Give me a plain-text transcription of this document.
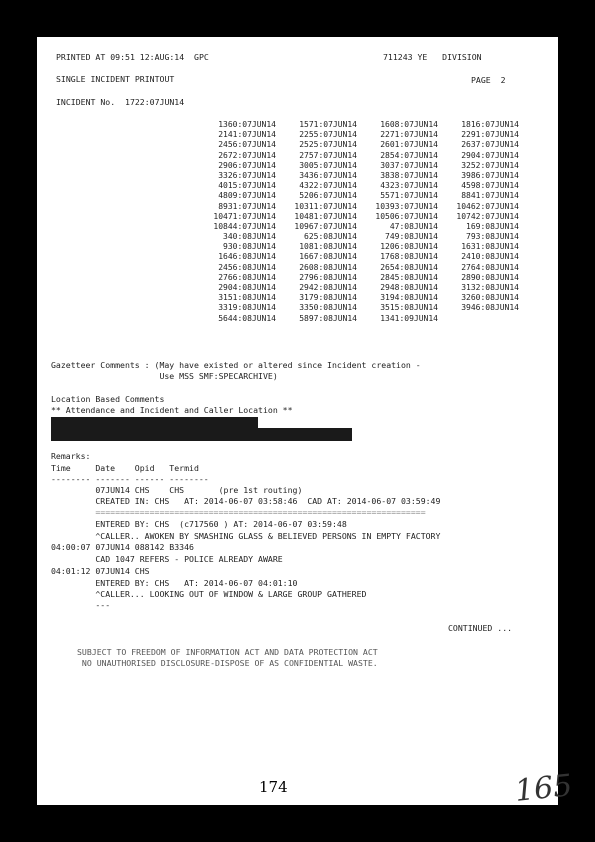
PRINTED AT 09:51 12:AUG:14  GPC	711243 YE   DIVISION
SINGLE INCIDENT PRINTOUT	PAGE  2
INCIDENT No.  1722:07JUN14
1360:07JUN14	1571:07JUN14	1608:07JUN14	1816:07JUN14
2141:07JUN14	2255:07JUN14	2271:07JUN14	2291:07JUN14
2456:07JUN14	2525:07JUN14	2601:07JUN14	2637:07JUN14
2672:07JUN14	2757:07JUN14	2854:07JUN14	2904:07JUN14
2906:07JUN14	3005:07JUN14	3037:07JUN14	3252:07JUN14
3326:07JUN14	3436:07JUN14	3838:07JUN14	3986:07JUN14
4015:07JUN14	4322:07JUN14	4323:07JUN14	4598:07JUN14
4809:07JUN14	5206:07JUN14	5571:07JUN14	8841:07JUN14
8931:07JUN14	10311:07JUN14	10393:07JUN14	10462:07JUN14
10471:07JUN14	10481:07JUN14	10506:07JUN14	10742:07JUN14
10844:07JUN14	10967:07JUN14	47:08JUN14	169:08JUN14
340:08JUN14	625:08JUN14	749:08JUN14	793:08JUN14
930:08JUN14	1081:08JUN14	1206:08JUN14	1631:08JUN14
1646:08JUN14	1667:08JUN14	1768:08JUN14	2410:08JUN14
2456:08JUN14	2608:08JUN14	2654:08JUN14	2764:08JUN14
2766:08JUN14	2796:08JUN14	2845:08JUN14	2890:08JUN14
2904:08JUN14	2942:08JUN14	2948:08JUN14	3132:08JUN14
3151:08JUN14	3179:08JUN14	3194:08JUN14	3260:08JUN14
3319:08JUN14	3350:08JUN14	3515:08JUN14	3946:08JUN14
5644:08JUN14	5897:08JUN14	1341:09JUN14
Gazetteer Comments : (May have existed or altered since Incident creation -
Use MSS SMF:SPECARCHIVE)
Location Based Comments
** Attendance and Incident and Caller Location **
Remarks:
Time     Date    Opid   Termid
-------- ------- ------ --------
07JUN14 CHS    CHS       (pre 1st routing)
CREATED IN: CHS   AT: 2014-06-07 03:58:46  CAD AT: 2014-06-07 03:59:49
===================================================================
ENTERED BY: CHS  (c717560 ) AT: 2014-06-07 03:59:48
^CALLER.. AWOKEN BY SMASHING GLASS & BELIEVED PERSONS IN EMPTY FACTORY
04:00:07 07JUN14 088142 B3346
CAD 1047 REFERS - POLICE ALREADY AWARE
04:01:12 07JUN14 CHS
ENTERED BY: CHS   AT: 2014-06-07 04:01:10
^CALLER... LOOKING OUT OF WINDOW & LARGE GROUP GATHERED
---
CONTINUED ...
SUBJECT TO FREEDOM OF INFORMATION ACT AND DATA PROTECTION ACT
NO UNAUTHORISED DISCLOSURE-DISPOSE OF AS CONFIDENTIAL WASTE.
174	165
